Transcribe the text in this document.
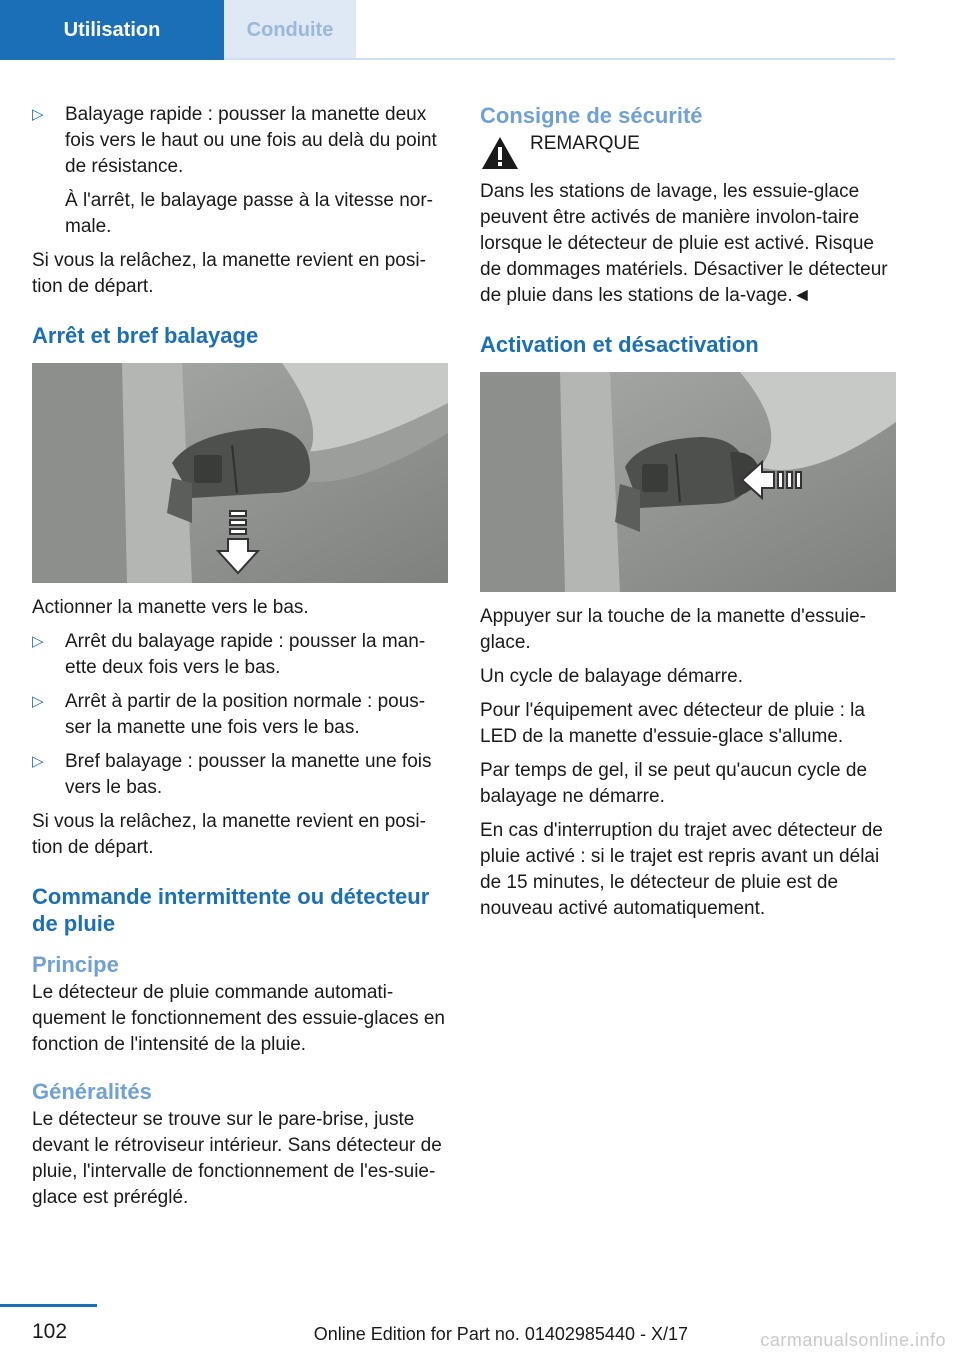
Utilisation	Conduite
▷	Balayage rapide : pousser la manette deux fois vers le haut ou une fois au delà du point de résistance.

À l'arrêt, le balayage passe à la vitesse nor-male.

Si vous la relâchez, la manette revient en posi-tion de départ.

Arrêt et bref balayage

Actionner la manette vers le bas.

▷	Arrêt du balayage rapide : pousser la man-ette deux fois vers le bas.
▷	Arrêt à partir de la position normale : pous-ser la manette une fois vers le bas.
▷	Bref balayage : pousser la manette une fois vers le bas.

Si vous la relâchez, la manette revient en posi-tion de départ.

Commande intermittente ou détecteur de pluie
Principe

Le détecteur de pluie commande automati-quement le fonctionnement des essuie-glaces en fonction de l'intensité de la pluie.

Généralités

Le détecteur se trouve sur le pare-brise, juste devant le rétroviseur intérieur. Sans détecteur de pluie, l'intervalle de fonctionnement de l'es-suie-glace est préréglé.

Consigne de sécurité
REMARQUE

Dans les stations de lavage, les essuie-glace peuvent être activés de manière involon-taire lorsque le détecteur de pluie est activé. Risque de dommages matériels. Désactiver le détecteur de pluie dans les stations de la-vage.◄

Activation et désactivation

Appuyer sur la touche de la manette d'essuie-glace.

Un cycle de balayage démarre.

Pour l'équipement avec détecteur de pluie : la LED de la manette d'essuie-glace s'allume.

Par temps de gel, il se peut qu'aucun cycle de balayage ne démarre.

En cas d'interruption du trajet avec détecteur de pluie activé : si le trajet est repris avant un délai de 15 minutes, le détecteur de pluie est de nouveau activé automatiquement.

102	Online Edition for Part no. 01402985440 - X/17	carmanualsonline.info
